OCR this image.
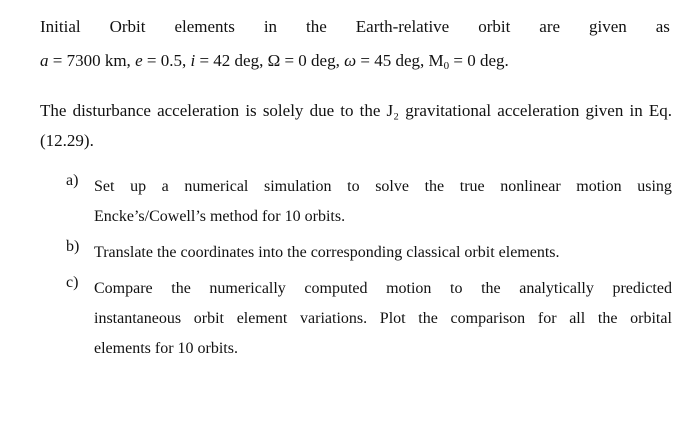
Initial Orbit elements in the Earth-relative orbit are given as
a = 7300 km, e = 0.5, i = 42 deg, Ω = 0 deg, ω = 45 deg, $M_0 = 0$ deg.
The disturbance acceleration is solely due to the J₂ gravitational acceleration given in Eq.
(12.29).
a) Set up a numerical simulation to solve the true nonlinear motion using
Encke’s/Cowell’s method for 10 orbits.
b) Translate the coordinates into the corresponding classical orbit elements.
c) Compare the numerically computed motion to the analytically predicted
instantaneous orbit element variations. Plot the comparison for all the orbital
elements for 10 orbits.
